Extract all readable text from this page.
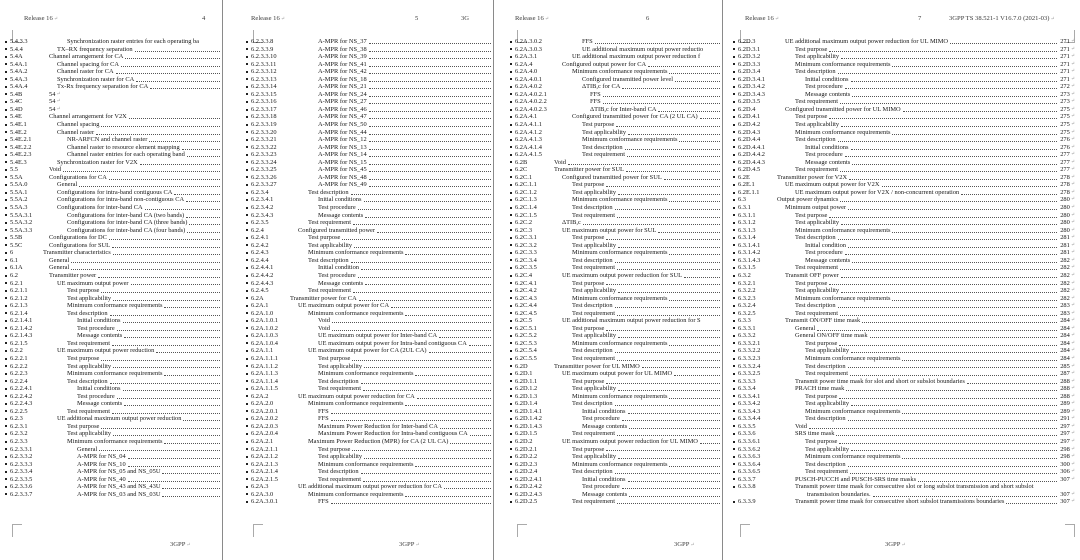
Release 16↵	4
5.4.3.3	Synchronization raster entries for each operating ba
5.4.4	TX–RX frequency separation
5.4A	Channel arrangement for CA
5.4A.1	Channel spacing for CA
5.4A.2	Channel raster for CA
5.4A.3	Synchronization raster for CA
5.4A.4	Tx-Rx frequency separation for CA
5.4B	54 ↵
5.4C	54 ↵
5.4D	54 ↵
5.4E	Channel arrangement for V2X
5.4E.1	Channel spacing
5.4E.2	Channel raster
5.4E.2.1	NR-ARFCN and channel raster
5.4E.2.2	Channel raster to resource element mapping
5.4E.2.3	Channel raster entries for each operating band
5.4E.3	Synchronization raster for V2X
5.5	Void
5.5A	Configurations for CA
5.5A.0	General
5.5A.1	Configurations for intra-band contiguous CA
5.5A.2	Configurations for intra-band non-contiguous CA
5.5A.3	Configurations for inter-band CA
5.5A.3.1	Configurations for inter-band CA (two bands)
5.5A.3.2	Configurations for inter-band CA (three bands)
5.5A.3.3	Configurations for inter-band CA (four bands)
5.5B	Configurations for DC
5.5C	Configurations for SUL
6	Transmitter characteristics
6.1	General
6.1A	General
6.2	Transmitter power
6.2.1	UE maximum output power
6.2.1.1	Test purpose
6.2.1.2	Test applicability
6.2.1.3	Minimum conformance requirements
6.2.1.4	Test description
6.2.1.4.1	Initial conditions
6.2.1.4.2	Test procedure
6.2.1.4.3	Message contents
6.2.1.5	Test requirement
6.2.2	UE maximum output power reduction
6.2.2.1	Test purpose
6.2.2.2	Test applicability
6.2.2.3	Minimum conformance requirements
6.2.2.4	Test description
6.2.2.4.1	Initial conditions
6.2.2.4.2	Test procedure
6.2.2.4.3	Message contents
6.2.2.5	Test requirement
6.2.3	UE additional maximum output power reduction
6.2.3.1	Test purpose
6.2.3.2	Test applicability
6.2.3.3	Minimum conformance requirements
6.2.3.3.1	General
6.2.3.3.2	A-MPR for NS_04
6.2.3.3.3	A-MPR for NS_10
6.2.3.3.4	A-MPR for NS_05 and NS_05U
6.2.3.3.5	A-MPR for NS_40
6.2.3.3.6	A-MPR for NS_43 and NS_43U
6.2.3.3.7	A-MPR for NS_03 and NS_03U
3GPP↵
Release 16↵	5	3G
6.2.3.3.8	A-MPR for NS_37
6.2.3.3.9	A-MPR for NS_38
6.2.3.3.10	A-MPR for NS_39
6.2.3.3.11	A-MPR for NS_41
6.2.3.3.12	A-MPR for NS_42
6.2.3.3.13	A-MPR for NS_18
6.2.3.3.14	A-MPR for NS_21
6.2.3.3.15	A-MPR for NS_24
6.2.3.3.16	A-MPR for NS_27
6.2.3.3.17	A-MPR for NS_46
6.2.3.3.18	A-MPR for NS_47
6.2.3.3.19	A-MPR for NS_50
6.2.3.3.20	A-MPR for NS_44
6.2.3.3.21	A-MPR for NS_12
6.2.3.3.22	A-MPR for NS_13
6.2.3.3.23	A-MPR for NS_14
6.2.3.3.24	A-MPR for NS_15
6.2.3.3.25	A-MPR for NS_45
6.2.3.3.26	A-MPR for NS_48
6.2.3.3.27	A-MPR for NS_49
6.2.3.4	Test description
6.2.3.4.1	Initial conditions
6.2.3.4.2	Test procedure
6.2.3.4.3	Message contents
6.2.3.5	Test requirement
6.2.4	Configured transmitted power
6.2.4.1	Test purpose
6.2.4.2	Test applicability
6.2.4.3	Minimum conformance requirements
6.2.4.4	Test description
6.2.4.4.1	Initial condition
6.2.4.4.2	Test procedure
6.2.4.4.3	Message contents
6.2.4.5	Test requirement
6.2A	Transmitter power for CA
6.2A.1	UE maximum output power for CA
6.2A.1.0	Minimum conformance requirements
6.2A.1.0.1	Void
6.2A.1.0.2	Void
6.2A.1.0.3	UE maximum output power for Inter-band CA
6.2A.1.0.4	UE maximum output power for Intra-band contiguous CA
6.2A.1.1	UE maximum output power for CA (2UL CA)
6.2A.1.1.1	Test purpose
6.2A.1.1.2	Test applicability
6.2A.1.1.3	Minimum conformance requirements
6.2A.1.1.4	Test description
6.2A.1.1.5	Test requirement
6.2A.2	UE maximum output power reduction for CA
6.2A.2.0	Minimum conformance requirements
6.2A.2.0.1	FFS
6.2A.2.0.2	FFS
6.2A.2.0.3	Maximum Power Reduction for Inter-band CA
6.2A.2.0.4	Maximum Power Reduction for Intra-band contiguous CA
6.2A.2.1	Maximum Power Reduction (MPR) for CA (2 UL CA)
6.2A.2.1.1	Test purpose
6.2A.2.1.2	Test applicability
6.2A.2.1.3	Minimum conformance requirements
6.2A.2.1.4	Test description
6.2A.2.1.5	Test requirement
6.2A.3	UE additional maximum output power reduction for CA
6.2A.3.0	Minimum conformance requirements
6.2A.3.0.1	FFS
3GPP↵
Release 16↵	6
6.2A.3.0.2	FFS
6.2A.3.0.3	UE additional maximum output power reductio
6.2A.3.1	UE additional maximum output power reduction f
6.2A.4	Configured output power for CA
6.2A.4.0	Minimum conformance requirements
6.2A.4.0.1	Configured transmitted power level
6.2A.4.0.2	ΔTIB,c for CA
6.2A.4.0.2.1	FFS
6.2A.4.0.2.2	FFS
6.2A.4.0.2.3	ΔTIB,c for Inter-band CA
6.2A.4.1	Configured transmitted power for CA (2 UL CA)
6.2A.4.1.1	Test purpose
6.2A.4.1.2	Test applicability
6.2A.4.1.3	Minimum conformance requirements
6.2A.4.1.4	Test description
6.2A.4.1.5	Test requirement
6.2B	Void
6.2C	Transmitter power for SUL
6.2C.1	Configured transmitted power for SUL
6.2C.1.1	Test purpose
6.2C.1.2	Test applicability
6.2C.1.3	Minimum conformance requirements
6.2C.1.4	Test description
6.2C.1.5	Test requirement
6.2C.2	ΔTIB,c
6.2C.3	UE maximum output power for SUL
6.2C.3.1	Test purpose
6.2C.3.2	Test applicability
6.2C.3.3	Minimum conformance requirements
6.2C.3.4	Test description
6.2C.3.5	Test requirement
6.2C.4	UE maximum output power reduction for SUL
6.2C.4.1	Test purpose
6.2C.4.2	Test applicability
6.2C.4.3	Minimum conformance requirements
6.2C.4.4	Test description
6.2C.4.5	Test requirement
6.2C.5	UE additional maximum output power reduction for S
6.2C.5.1	Test purpose
6.2C.5.2	Test applicability
6.2C.5.3	Minimum conformance requirements
6.2C.5.4	Test description
6.2C.5.5	Test requirement
6.2D	Transmitter power for UL MIMO
6.2D.1	UE maximum output power for UL MIMO
6.2D.1.1	Test purpose
6.2D.1.2	Test applicability
6.2D.1.3	Minimum conformance requirements
6.2D.1.4	Test description
6.2D.1.4.1	Initial conditions
6.2D.1.4.2	Test procedure
6.2D.1.4.3	Message contents
6.2D.1.5	Test requirement
6.2D.2	UE maximum output power reduction for UL MIMO
6.2D.2.1	Test purpose
6.2D.2.2	Test applicability
6.2D.2.3	Minimum conformance requirements
6.2D.2.4	Test description
6.2D.2.4.1	Initial conditions
6.2D.2.4.2	Test procedure
6.2D.2.4.3	Message contents
6.2D.2.5	Test requirement
3GPP↵
Release 16↵	7	3GPP TS 38.521-1 V16.7.0 (2021-03)↵
6.2D.3	UE additional maximum output power reduction for UL MIMO	271 ↵
6.2D.3.1	Test purpose	271 ↵
6.2D.3.2	Test applicability	271 ↵
6.2D.3.3	Minimum conformance requirements	271 ↵
6.2D.3.4	Test description	271 ↵
6.2D.3.4.1	Initial conditions	271 ↵
6.2D.3.4.2	Test procedure	272 ↵
6.2D.3.4.3	Message contents	273 ↵
6.2D.3.5	Test requirement	273 ↵
6.2D.4	Configured transmitted power for UL MIMO	275 ↵
6.2D.4.1	Test purpose	275 ↵
6.2D.4.2	Test applicability	275 ↵
6.2D.4.3	Minimum conformance requirements	275 ↵
6.2D.4.4	Test description	276 ↵
6.2D.4.4.1	Initial conditions	276 ↵
6.2D.4.4.2	Test procedure	277 ↵
6.2D.4.4.3	Message contents	277 ↵
6.2D.4.5	Test requirement	277 ↵
6.2E	Transmitter power for V2X	278 ↵
6.2E.1	UE maximum output power for V2X	278 ↵
6.2E.1.1	UE maximum output power for V2X / non-concurrent operation	278 ↵
6.3	Output power dynamics	280 ↵
6.3.1	Minimum output power	280 ↵
6.3.1.1	Test purpose	280 ↵
6.3.1.2	Test applicability	280 ↵
6.3.1.3	Minimum conformance requirements	280 ↵
6.3.1.4	Test description	281 ↵
6.3.1.4.1	Initial condition	281 ↵
6.3.1.4.2	Test procedure	281 ↵
6.3.1.4.3	Message contents	282 ↵
6.3.1.5	Test requirement	282 ↵
6.3.2	Transmit OFF power	282 ↵
6.3.2.1	Test purpose	282 ↵
6.3.2.2	Test applicability	282 ↵
6.3.2.3	Minimum conformance requirements	282 ↵
6.3.2.4	Test description	283 ↵
6.3.2.5	Test requirement	283 ↵
6.3.3	Transmit ON/OFF time mask	284 ↵
6.3.3.1	General	284 ↵
6.3.3.2	General ON/OFF time mask	284 ↵
6.3.3.2.1	Test purpose	284 ↵
6.3.3.2.2	Test applicability	284 ↵
6.3.3.2.3	Minimum conformance requirements	284 ↵
6.3.3.2.4	Test description	285 ↵
6.3.3.2.5	Test requirement	287 ↵
6.3.3.3	Transmit power time mask for slot and short or subslot boundaries	288 ↵
6.3.3.4	PRACH time mask	288 ↵
6.3.3.4.1	Test purpose	288 ↵
6.3.3.4.2	Test applicability	289 ↵
6.3.3.4.3	Minimum conformance requirements	289 ↵
6.3.3.4.4	Test description	291 ↵
6.3.3.5	Void	297 ↵
6.3.3.6	SRS time mask	297 ↵
6.3.3.6.1	Test purpose	297 ↵
6.3.3.6.2	Test applicability	298 ↵
6.3.3.6.3	Minimum conformance requirements	298 ↵
6.3.3.6.4	Test description	300 ↵
6.3.3.6.5	Test requirement	306 ↵
6.3.3.7	PUSCH-PUCCH and PUSCH-SRS time masks	307 ↵
6.3.3.8	Transmit power time mask for consecutive slot or long subslot transmission and short subslot
transmission boundaries.	307 ↵
6.3.3.9	Transmit power time mask for consecutive short subslot transmissions boundaries	307 ↵
3GPP↵
